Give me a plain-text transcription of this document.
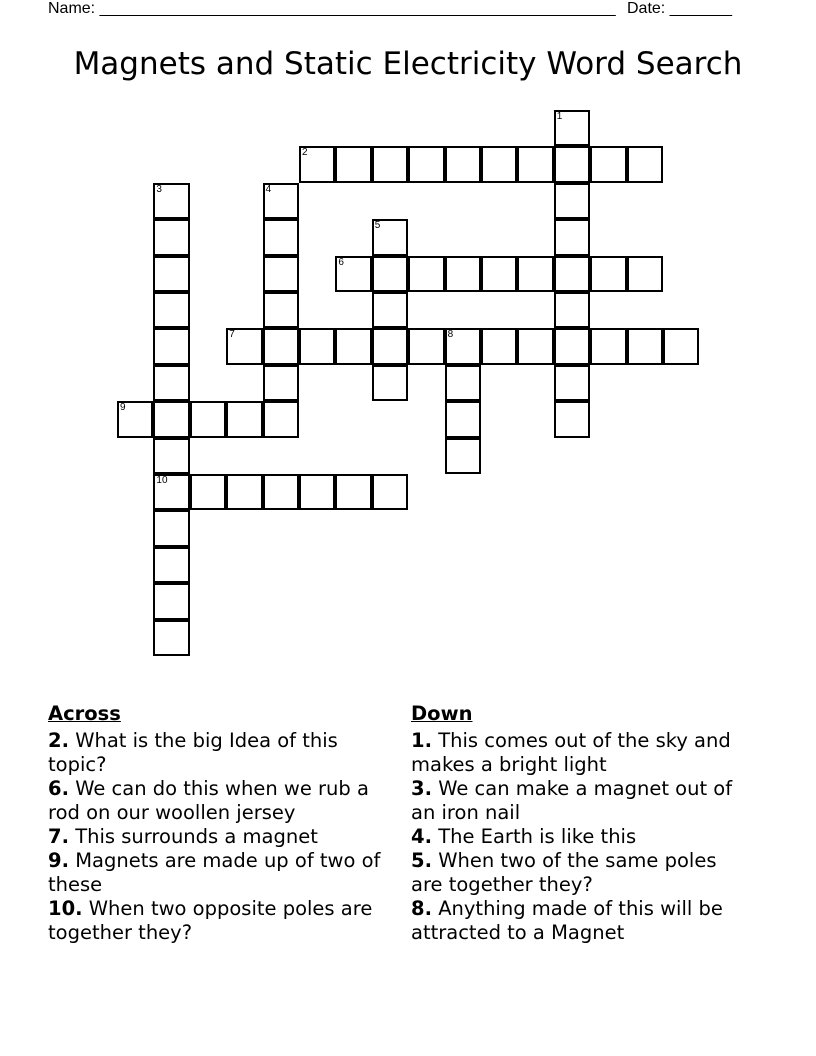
Name: __________________________________________________________ Date: _______
Magnets and Static Electricity Word Search
1
2
3
10
4
5
6
7	8
9
Across

2. What is the big Idea of this topic?

6. We can do this when we rub a rod on our woollen jersey

7. This surrounds a magnet

9. Magnets are made up of two of these

10. When two opposite poles are together they?

Down

1. This comes out of the sky and makes a bright light

3. We can make a magnet out of an iron nail

4. The Earth is like this

5. When two of the same poles are together they?

8. Anything made of this will be attracted to a Magnet
